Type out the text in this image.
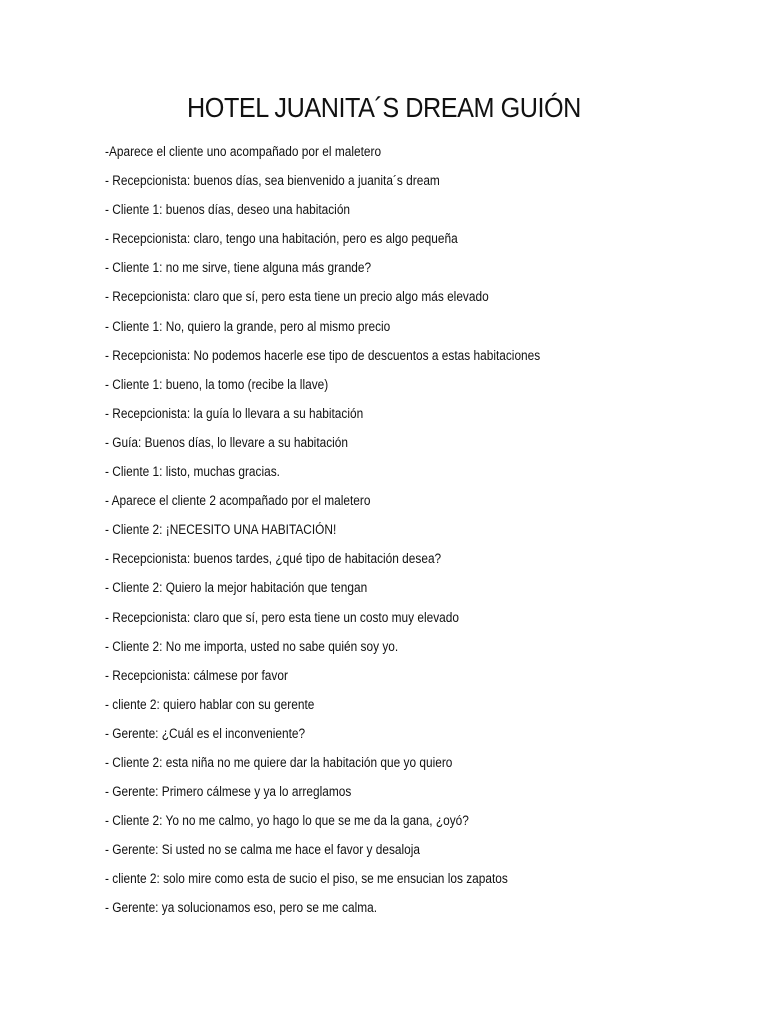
HOTEL JUANITA´S DREAM GUIÓN
-Aparece el cliente uno acompañado por el maletero
- Recepcionista: buenos días, sea bienvenido a juanita´s dream
- Cliente 1: buenos días, deseo una habitación
- Recepcionista: claro, tengo una habitación, pero es algo pequeña
- Cliente 1: no me sirve, tiene alguna más grande?
- Recepcionista: claro que sí, pero esta tiene un precio algo más elevado
- Cliente 1: No, quiero la grande, pero al mismo precio
- Recepcionista: No podemos hacerle ese tipo de descuentos a estas habitaciones
- Cliente 1: bueno, la tomo (recibe la llave)
- Recepcionista: la guía lo llevara a su habitación
- Guía: Buenos días, lo llevare a su habitación
- Cliente 1: listo, muchas gracias.
- Aparece el cliente 2 acompañado por el maletero
- Cliente 2: ¡NECESITO UNA HABITACIÓN!
- Recepcionista: buenos tardes, ¿qué tipo de habitación desea?
- Cliente 2: Quiero la mejor habitación que tengan
- Recepcionista: claro que sí, pero esta tiene un costo muy elevado
- Cliente 2: No me importa, usted no sabe quién soy yo.
- Recepcionista: cálmese por favor
- cliente 2: quiero hablar con su gerente
- Gerente: ¿Cuál es el inconveniente?
- Cliente 2: esta niña no me quiere dar la habitación que yo quiero
- Gerente: Primero cálmese y ya lo arreglamos
- Cliente 2: Yo no me calmo, yo hago lo que se me da la gana, ¿oyó?
- Gerente: Si usted no se calma me hace el favor y desaloja
- cliente 2: solo mire como esta de sucio el piso, se me ensucian los zapatos
- Gerente: ya solucionamos eso, pero se me calma.
